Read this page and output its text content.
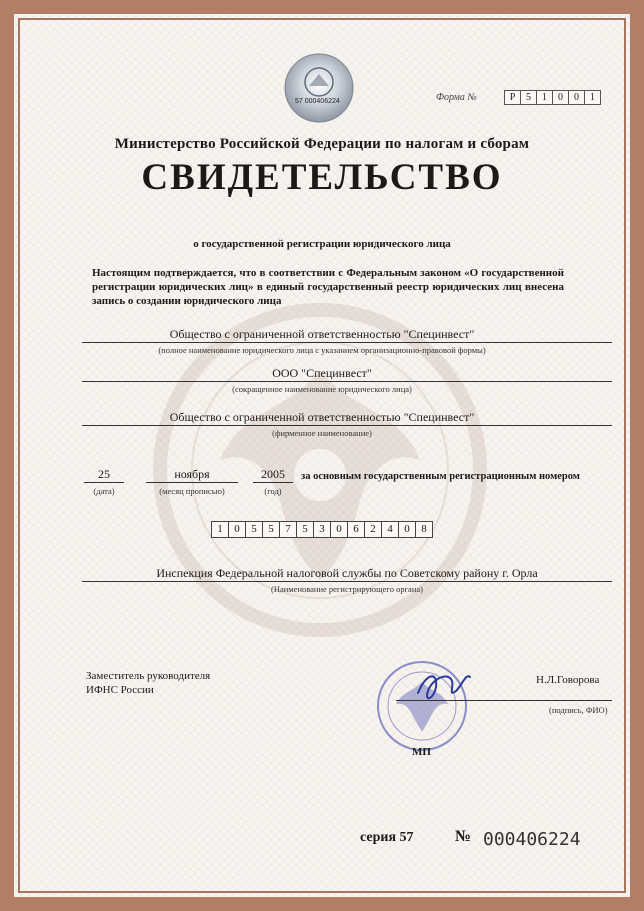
57 000406224	Форма №	Р	5	1	0	0	1
Министерство Российской Федерации по налогам и сборам
СВИДЕТЕЛЬСТВО
о государственной регистрации юридического лица
Настоящим подтверждается, что в соответствии с Федеральным законом «О государственной регистрации юридических лиц» в единый государственный реестр юридических лиц внесена запись о создании юридического лица
Общество с ограниченной ответственностью "Специнвест"
(полное наименование юридического лица с указанием организационно-правовой формы)
ООО "Специнвест"
(сокращенное наименование юридического лица)
Общество с ограниченной ответственностью "Специнвест"
(фирменное наименование)
25
(дата)
ноября
(месяц прописью)
2005
(год)
за основным государственным регистрационным номером
1	0	5	5	7	5	3	0	6	2	4	0	8
Инспекция Федеральной налоговой службы по Советскому району г. Орла
(Наименование регистрирующего органа)
Заместитель руководителя
ИФНС России
Н.Л.Говорова
(подпись, ФИО)
МП
серия 57	№ 000406224
